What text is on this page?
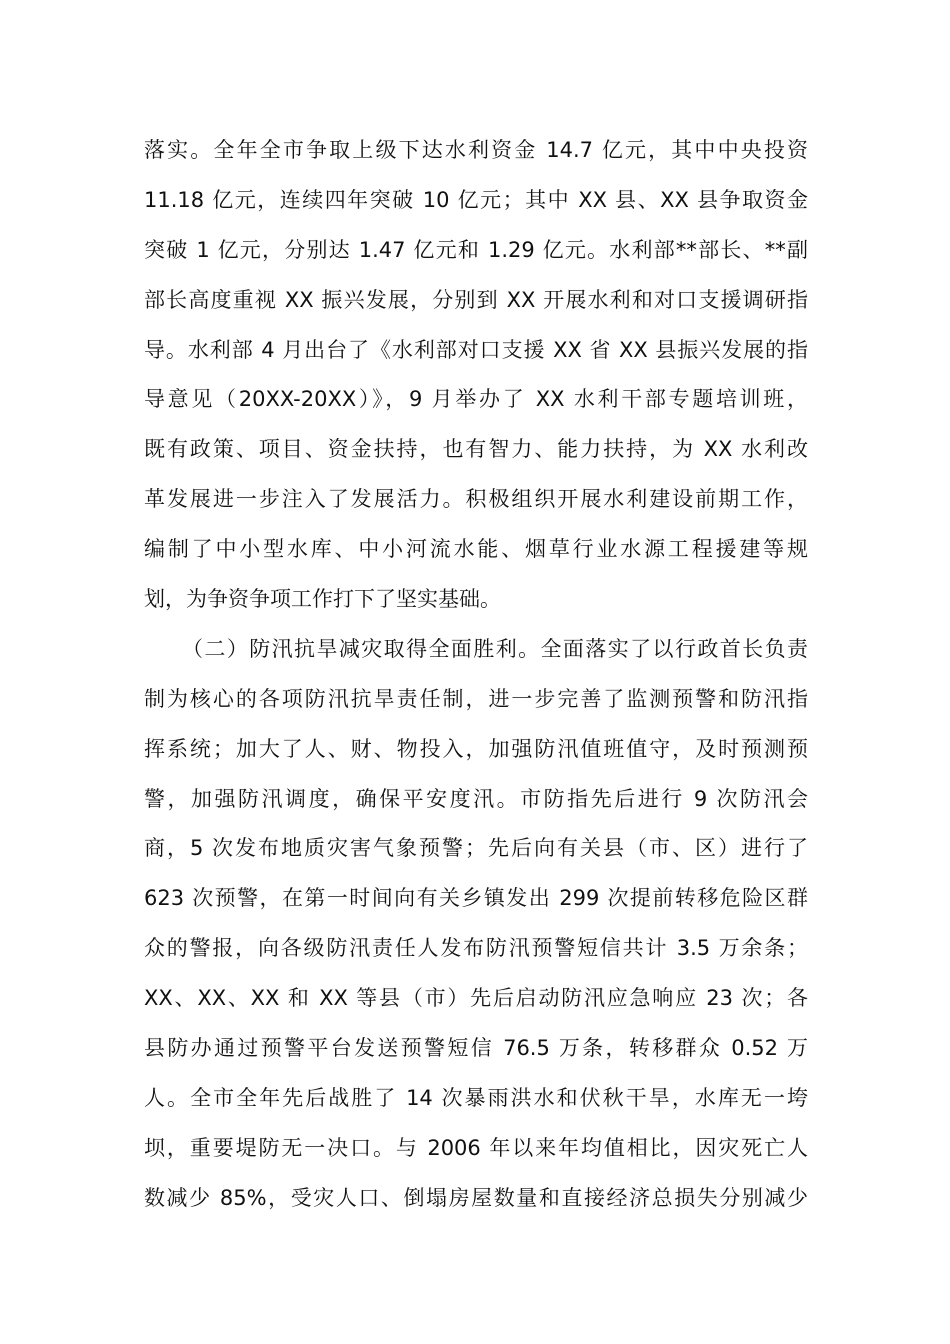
落实。全年全市争取上级下达水利资金 14.7 亿元，其中中央投资
11.18 亿元，连续四年突破 10 亿元；其中 XX 县、XX 县争取资金
突破 1 亿元，分别达 1.47 亿元和 1.29 亿元。水利部**部长、**副
部长高度重视 XX 振兴发展，分别到 XX 开展水利和对口支援调研指
导。水利部 4 月出台了《水利部对口支援 XX 省 XX 县振兴发展的指
导意见（20XX-20XX）》，9 月举办了 XX 水利干部专题培训班，
既有政策、项目、资金扶持，也有智力、能力扶持，为 XX 水利改
革发展进一步注入了发展活力。积极组织开展水利建设前期工作，
编制了中小型水库、中小河流水能、烟草行业水源工程援建等规
划，为争资争项工作打下了坚实基础。
（二）防汛抗旱减灾取得全面胜利。全面落实了以行政首长负责
制为核心的各项防汛抗旱责任制，进一步完善了监测预警和防汛指
挥系统；加大了人、财、物投入，加强防汛值班值守，及时预测预
警，加强防汛调度，确保平安度汛。市防指先后进行 9 次防汛会
商，5 次发布地质灾害气象预警；先后向有关县（市、区）进行了
623 次预警，在第一时间向有关乡镇发出 299 次提前转移危险区群
众的警报，向各级防汛责任人发布防汛预警短信共计 3.5 万余条；
XX、XX、XX 和 XX 等县（市）先后启动防汛应急响应 23 次；各
县防办通过预警平台发送预警短信 76.5 万条，转移群众 0.52 万
人。全市全年先后战胜了 14 次暴雨洪水和伏秋干旱，水库无一垮
坝，重要堤防无一决口。与 2006 年以来年均值相比，因灾死亡人
数减少 85%，受灾人口、倒塌房屋数量和直接经济总损失分别减少
